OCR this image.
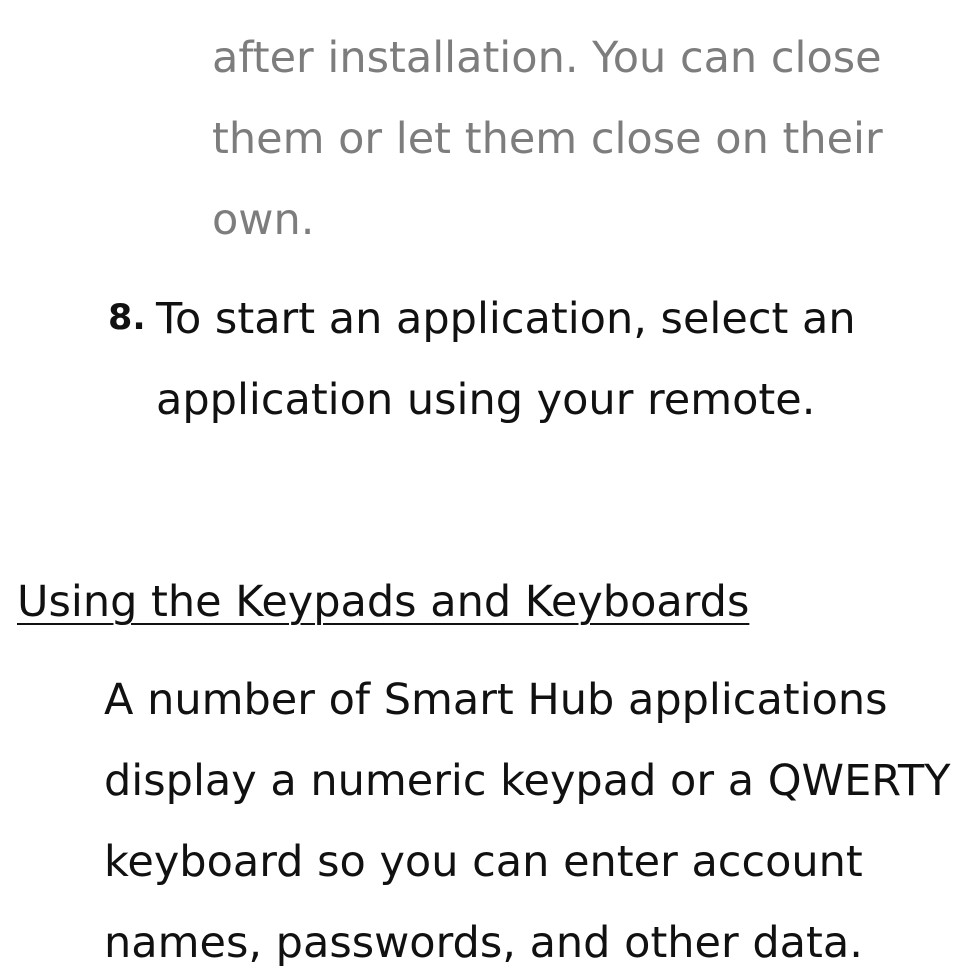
after installation. You can close
them or let them close on their
own.
8. To start an application, select an
application using your remote.
Using the Keypads and Keyboards
A number of Smart Hub applications
display a numeric keypad or a QWERTY
keyboard so you can enter account
names, passwords, and other data.
